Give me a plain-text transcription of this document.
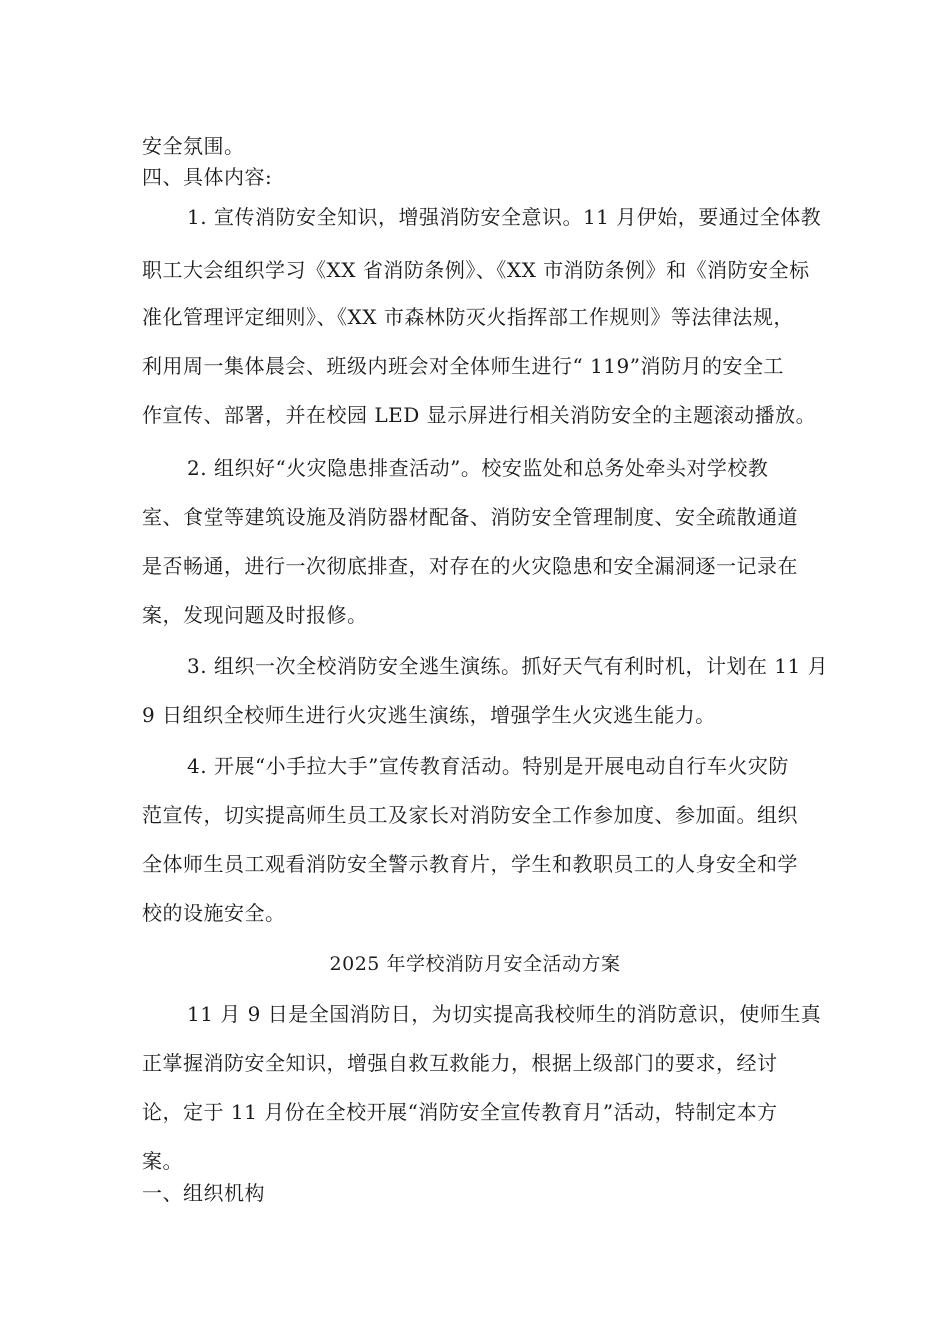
安全氛围。
四、具体内容:
1. 宣传消防安全知识，增强消防安全意识。11 月伊始，要通过全体教
职工大会组织学习《XX 省消防条例》、《XX 市消防条例》和《消防安全标
准化管理评定细则》、《XX 市森林防灭火指挥部工作规则》等法律法规，
利用周一集体晨会、班级内班会对全体师生进行“ 119”消防月的安全工
作宣传、部署，并在校园 LED 显示屏进行相关消防安全的主题滚动播放。
2. 组织好“火灾隐患排查活动”。校安监处和总务处牵头对学校教
室、食堂等建筑设施及消防器材配备、消防安全管理制度、安全疏散通道
是否畅通，进行一次彻底排查，对存在的火灾隐患和安全漏洞逐一记录在
案，发现问题及时报修。
3. 组织一次全校消防安全逃生演练。抓好天气有利时机，计划在 11 月
9 日组织全校师生进行火灾逃生演练，增强学生火灾逃生能力。
4. 开展“小手拉大手”宣传教育活动。特别是开展电动自行车火灾防
范宣传，切实提高师生员工及家长对消防安全工作参加度、参加面。组织
全体师生员工观看消防安全警示教育片，学生和教职员工的人身安全和学
校的设施安全。
2025 年学校消防月安全活动方案
11 月 9 日是全国消防日，为切实提高我校师生的消防意识，使师生真
正掌握消防安全知识，增强自救互救能力，根据上级部门的要求，经讨
论，定于 11 月份在全校开展“消防安全宣传教育月”活动，特制定本方
案。
一、组织机构
